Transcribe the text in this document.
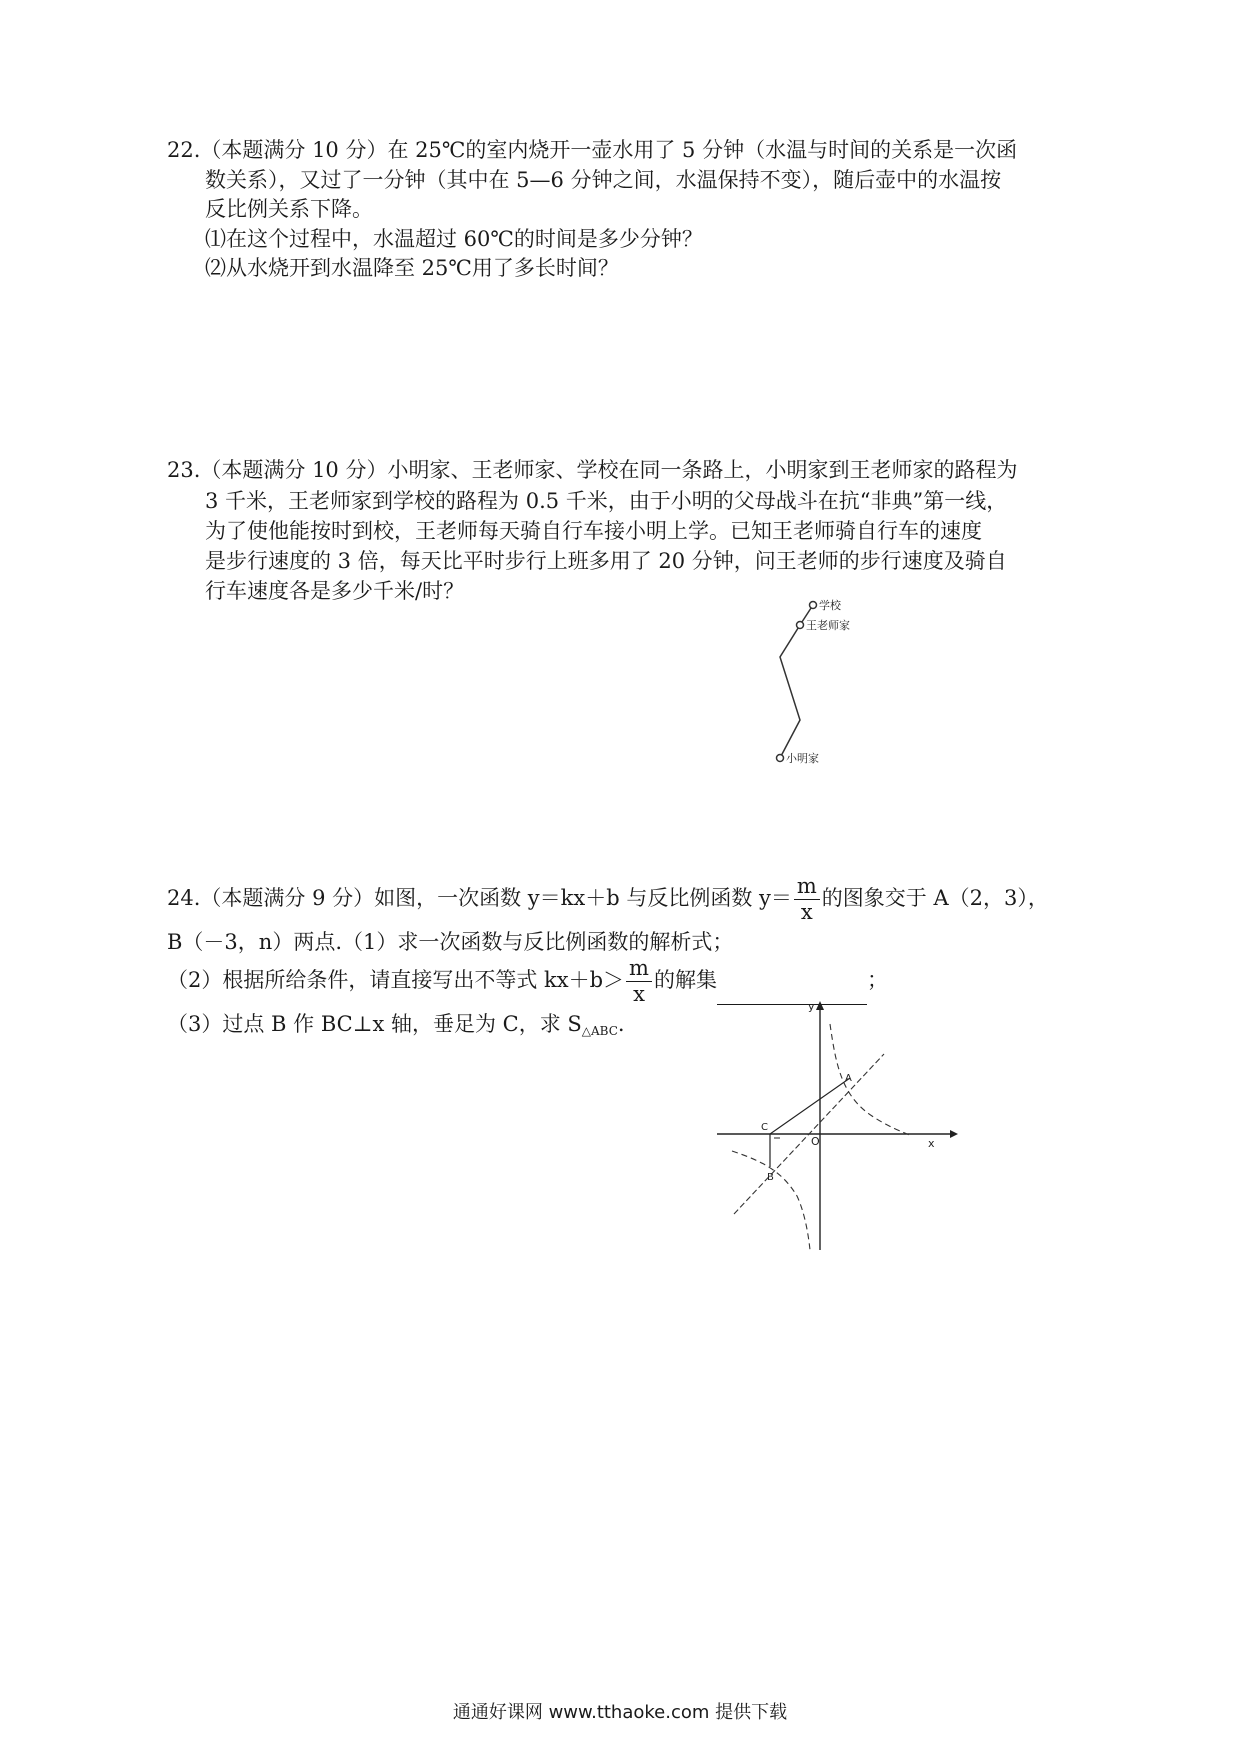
22.（本题满分 10 分）在 25℃的室内烧开一壶水用了 5 分钟（水温与时间的关系是一次函
数关系），又过了一分钟（其中在 5—6 分钟之间，水温保持不变），随后壶中的水温按
反比例关系下降。
⑴在这个过程中，水温超过 60℃的时间是多少分钟？
⑵从水烧开到水温降至 25℃用了多长时间？
23.（本题满分 10 分）小明家、王老师家、学校在同一条路上，小明家到王老师家的路程为
3 千米，王老师家到学校的路程为 0.5 千米，由于小明的父母战斗在抗“非典”第一线，
为了使他能按时到校，王老师每天骑自行车接小明上学。已知王老师骑自行车的速度
是步行速度的 3 倍，每天比平时步行上班多用了 20 分钟，问王老师的步行速度及骑自
行车速度各是多少千米/时？
学校
王老师家
小明家
24.（本题满分 9 分）如图，一次函数 y＝kx＋b 与反比例函数 $y= \frac{m}{x}$ 的图象交于 A（2，3），
B（－3，n）两点.（1）求一次函数与反比例函数的解析式；
（2）根据所给条件，请直接写出不等式 $kx+b> \frac{m}{x}$ 的解集	；
（3）过点 B 作 BC⊥x 轴，垂足为 C，求 $S_{\triangle ABC}$.
y
x
O
A
B
C
通通好课网 www.tthaoke.com 提供下载
